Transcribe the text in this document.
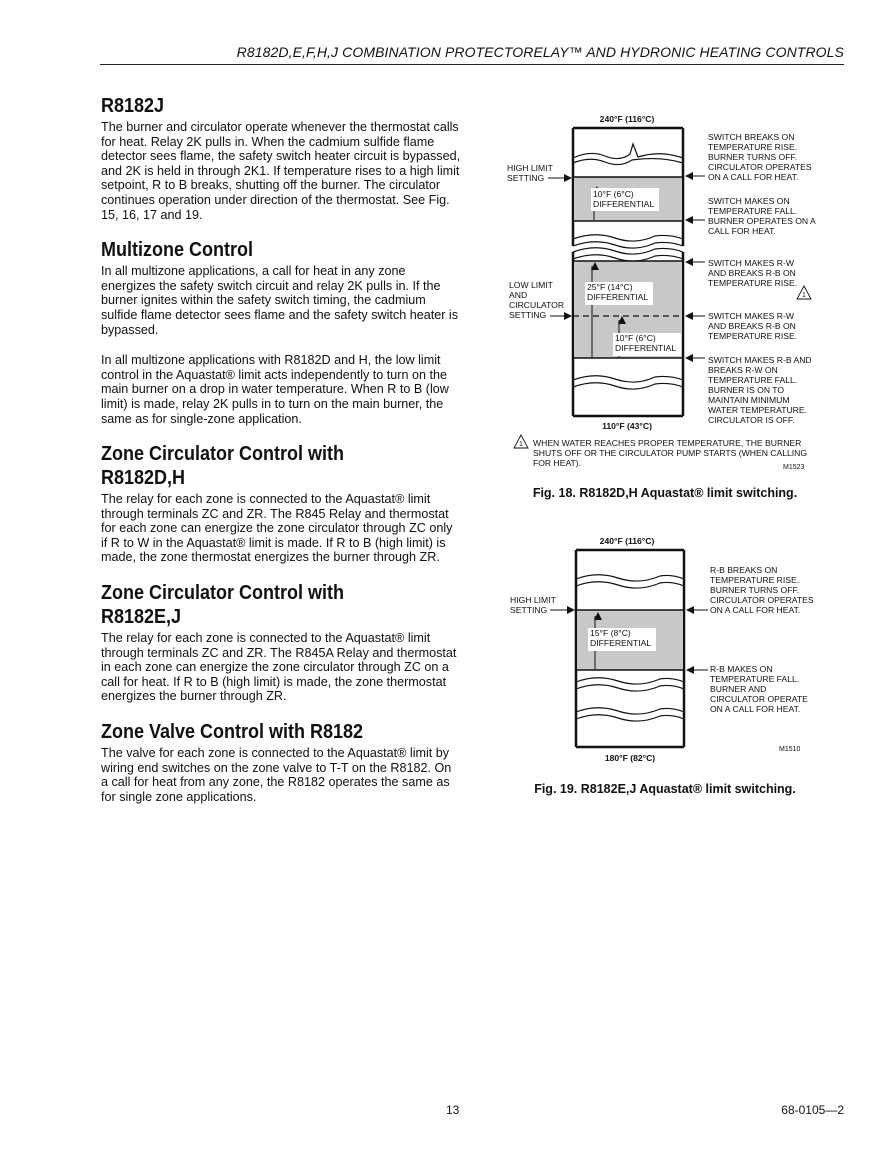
R8182D,E,F,H,J COMBINATION PROTECTORELAY™ AND HYDRONIC HEATING CONTROLS
R8182J

The burner and circulator operate whenever the thermostat calls for heat. Relay 2K pulls in. When the cadmium sulfide flame detector sees flame, the safety switch heater circuit is bypassed, and 2K is held in through 2K1. If temperature rises to a high limit setpoint, R to B breaks, shutting off the burner. The circulator continues operation under direction of the thermostat. See Fig. 15, 16, 17 and 19.

Multizone Control

In all multizone applications, a call for heat in any zone energizes the safety switch circuit and relay 2K pulls in. If the burner ignites within the safety switch timing, the cadmium sulfide flame detector sees flame and the safety switch heater is bypassed.

In all multizone applications with R8182D and H, the low limit control in the Aquastat® limit acts independently to turn on the main burner on a drop in water temperature. When R to B (low limit) is made, relay 2K pulls in to turn on the main burner, the same as for single-zone application.

Zone Circulator Control with R8182D,H

The relay for each zone is connected to the Aquastat® limit through terminals ZC and ZR. The R845 Relay and thermostat for each zone can energize the zone circulator through ZC only if R to W in the Aquastat® limit is made. If R to B (high limit) is made, the zone thermostat energizes the burner through ZR.

Zone Circulator Control with R8182E,J

The relay for each zone is connected to the Aquastat® limit through terminals ZC and ZR. The R845A Relay and thermostat in each zone can energize the zone circulator through ZC on a call for heat. If R to B (high limit) is made, the zone thermostat energizes the burner through ZR.

Zone Valve Control with R8182

The valve for each zone is connected to the Aquastat® limit by wiring end switches on the zone valve to T-T on the R8182. On a call for heat from any zone, the R8182 operates the same as for single zone applications.

240°F (116°C)
10°F (6°C)
DIFFERENTIAL
25°F (14°C)
DIFFERENTIAL
10°F (6°C)
DIFFERENTIAL
HIGH LIMIT
SETTING
LOW LIMIT
AND
CIRCULATOR
SETTING
SWITCH BREAKS ON
TEMPERATURE RISE.
BURNER TURNS OFF.
CIRCULATOR OPERATES
ON A CALL FOR HEAT.
SWITCH MAKES ON
TEMPERATURE FALL.
BURNER OPERATES ON A
CALL FOR HEAT.
SWITCH MAKES R-W
AND BREAKS R-B ON
TEMPERATURE RISE.
1
SWITCH MAKES R-W
AND BREAKS R-B ON
TEMPERATURE RISE.
SWITCH MAKES R-B AND
BREAKS R-W ON
TEMPERATURE FALL.
BURNER IS ON TO
MAINTAIN MINIMUM
WATER TEMPERATURE.
CIRCULATOR IS OFF.
110°F (43°C)
1 WHEN WATER REACHES PROPER TEMPERATURE, THE BURNER
SHUTS OFF OR THE CIRCULATOR PUMP STARTS (WHEN CALLING
FOR HEAT).	M1523
Fig. 18. R8182D,H Aquastat® limit switching.
240°F (116°C)
15°F (8°C)
DIFFERENTIAL
HIGH LIMIT
SETTING
R-B BREAKS ON
TEMPERATURE RISE.
BURNER TURNS OFF.
CIRCULATOR OPERATES
ON A CALL FOR HEAT.
R-B MAKES ON
TEMPERATURE FALL.
BURNER AND
CIRCULATOR OPERATE
ON A CALL FOR HEAT.
M1510
180°F (82°C)
Fig. 19. R8182E,J Aquastat® limit switching.
13	68-0105—2
